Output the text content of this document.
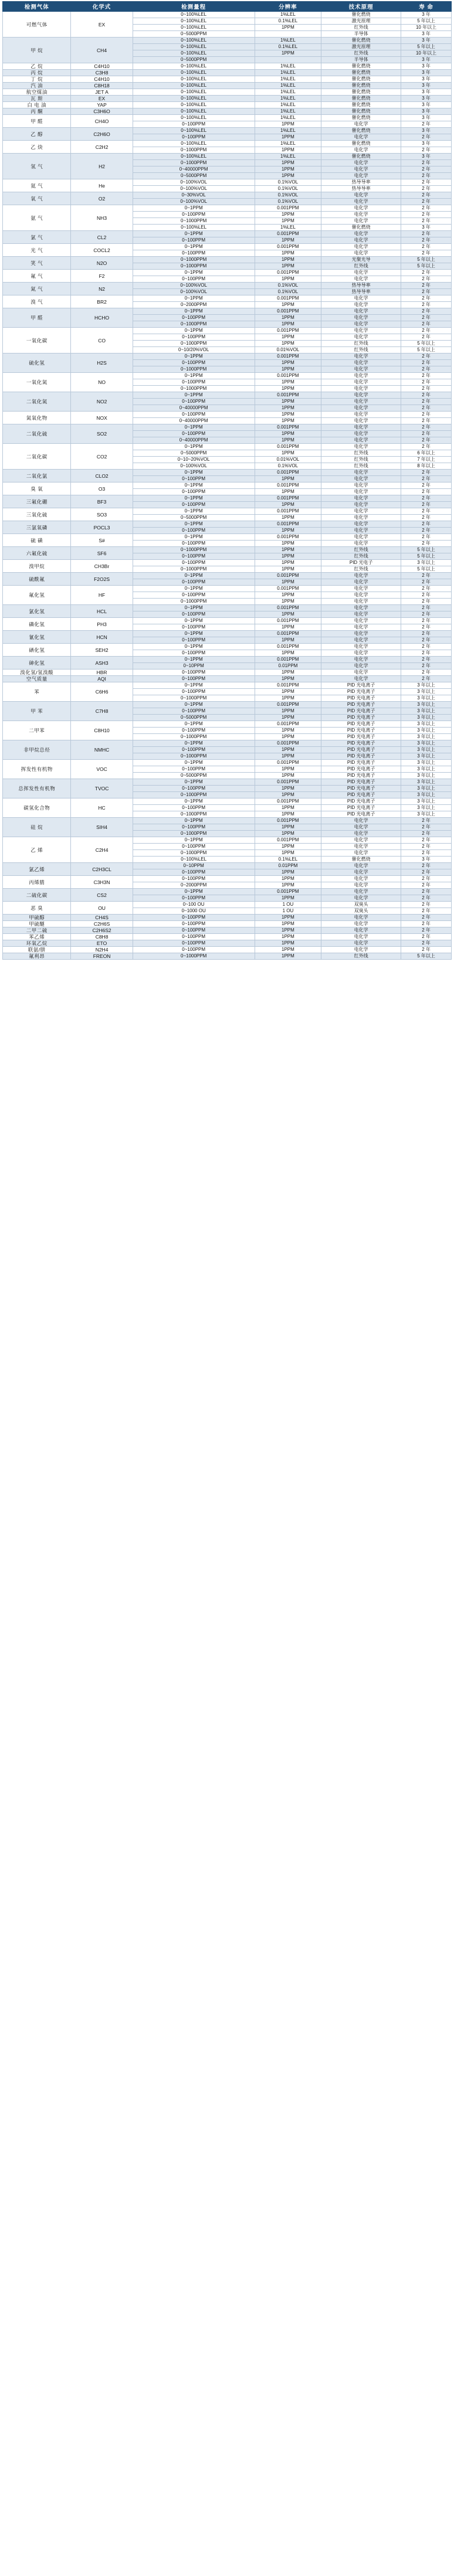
检测气体	化学式	检测量程	分辨率	技术原理	寿 命
可燃气体	EX	0~100%LEL	1%LEL	催化燃烧	3 年
		0~100%LEL	0.1%LEL	激光原理	5 年以上
		0~100%LEL	1PPM	红外线	10 年以上
		0~5000PPM		半导体	3 年
甲 烷	CH4	0~100%LEL	1%LEL	催化燃烧	3 年
		0~100%LEL	0.1%LEL	激光原理	5 年以上
		0~100%LEL	1PPM	红外线	10 年以上
		0~5000PPM		半导体	3 年
乙 烷	C4H10	0~100%LEL	1%LEL	催化燃烧	3 年
丙 烷	C3H8	0~100%LEL	1%LEL	催化燃烧	3 年
丁 烷	C4H10	0~100%LEL	1%LEL	催化燃烧	3 年
汽 油	C8H18	0~100%LEL	1%LEL	催化燃烧	3 年
航空煤油	JET A	0~100%LEL	1%LEL	催化燃烧	3 年
瓦 斯	EX	0~100%LEL	1%LEL	催化燃烧	3 年
白 电 油	YAP	0~100%LEL	1%LEL	催化燃烧	3 年
丙 酮	C3H6O	0~100%LEL	1%LEL	催化燃烧	3 年
甲 醛	CH4O	0~100%LEL	1%LEL	催化燃烧	3 年
		0~100PPM	1PPM	电化学	2 年
乙 醇	C2H6O	0~100%LEL	1%LEL	催化燃烧	3 年
		0~100PPM	1PPM	电化学	2 年
乙 炔	C2H2	0~100%LEL	1%LEL	催化燃烧	3 年
		0~1000PPM	1PPM	电化学	2 年
氢 气	H2	0~100%LEL	1%LEL	催化燃烧	3 年
		0~1000PPM	1PPM	电化学	2 年
		0~40000PPM	1PPM	电化学	2 年
		0~5000PPM	1PPM	电化学	2 年
氦 气	He	0~100%VOL	0.1%VOL	热导导率	2 年
		0~100%VOL	0.1%VOL	热导导率	2 年
氧 气	O2	0~30%VOL	0.1%VOL	电化学	2 年
		0~100%VOL	0.1%VOL	电化学	2 年
氨 气	NH3	0~1PPM	0.001PPM	电化学	2 年
		0~100PPM	1PPM	电化学	2 年
		0~1000PPM	1PPM	电化学	2 年
		0~100%LEL	1%LEL	催化燃烧	3 年
氯 气	CL2	0~1PPM	0.001PPM	电化学	2 年
		0~100PPM	1PPM	电化学	2 年
光 气	COCL2	0~1PPM	0.001PPM	电化学	2 年
		0~100PPM	1PPM	电化学	2 年
笑 气	N2O	0~1000PPM	1PPM	光聚光导	5 年以上
		0~1000PPM	1PPM	红外线	5 年以上
氟 气	F2	0~1PPM	0.001PPM	电化学	2 年
		0~100PPM	1PPM	电化学	2 年
氮 气	N2	0~100%VOL	0.1%VOL	热导导率	2 年
		0~100%VOL	0.1%VOL	热导导率	2 年
溴 气	BR2	0~1PPM	0.001PPM	电化学	2 年
		0~2000PPM	1PPM	电化学	2 年
甲 醛	HCHO	0~1PPM	0.001PPM	电化学	2 年
		0~100PPM	1PPM	电化学	2 年
		0~1000PPM	1PPM	电化学	2 年
一氧化碳	CO	0~1PPM	0.001PPM	电化学	2 年
		0~100PPM	1PPM	电化学	2 年
		0~1000PPM	1PPM	红外线	5 年以上
		0~10/20%VOL	0.01%VOL	红外线	5 年以上
硫化氢	H2S	0~1PPM	0.001PPM	电化学	2 年
		0~100PPM	1PPM	电化学	2 年
		0~1000PPM	1PPM	电化学	2 年
一氧化氮	NO	0~1PPM	0.001PPM	电化学	2 年
		0~100PPM	1PPM	电化学	2 年
		0~1000PPM	1PPM	电化学	2 年
二氧化氮	NO2	0~1PPM	0.001PPM	电化学	2 年
		0~100PPM	1PPM	电化学	2 年
		0~40000PPM	1PPM	电化学	2 年
氮氧化物	NOX	0~100PPM	1PPM	电化学	2 年
		0~40000PPM	1PPM	电化学	2 年
二氧化硫	SO2	0~1PPM	0.001PPM	电化学	2 年
		0~100PPM	1PPM	电化学	2 年
		0~40000PPM	1PPM	电化学	2 年
二氧化碳	CO2	0~1PPM	0.001PPM	电化学	2 年
		0~5000PPM	1PPM	红外线	6 年以上
		0~10~20%VOL	0.01%VOL	红外线	7 年以上
		0~100%VOL	0.1%VOL	红外线	8 年以上
二氧化氯	CLO2	0~1PPM	0.001PPM	电化学	2 年
		0~100PPM	1PPM	电化学	2 年
臭 氧	O3	0~1PPM	0.001PPM	电化学	2 年
		0~100PPM	1PPM	电化学	2 年
三氟化硼	BF3	0~1PPM	0.001PPM	电化学	2 年
		0~100PPM	1PPM	电化学	2 年
三氧化硫	SO3	0~1PPM	0.001PPM	电化学	2 年
		0~5000PPM	1PPM	电化学	2 年
三氯氧磷	POCL3	0~1PPM	0.001PPM	电化学	2 年
		0~100PPM	1PPM	电化学	2 年
硫 磺	S#	0~1PPM	0.001PPM	电化学	2 年
		0~100PPM	1PPM	电化学	2 年
六氟化硫	SF6	0~1000PPM	1PPM	红外线	5 年以上
		0~100PPM	1PPM	红外线	5 年以上
溴甲烷	CH3Br	0~100PPM	1PPM	PID 光电子	3 年以上
		0~1000PPM	1PPM	红外线	5 年以上
硫酰氟	F2O2S	0~1PPM	0.001PPM	电化学	2 年
		0~100PPM	1PPM	电化学	2 年
氟化氢	HF	0~1PPM	0.001PPM	电化学	2 年
		0~100PPM	1PPM	电化学	2 年
		0~1000PPM	1PPM	电化学	2 年
氯化氢	HCL	0~1PPM	0.001PPM	电化学	2 年
		0~100PPM	1PPM	电化学	2 年
磷化氢	PH3	0~1PPM	0.001PPM	电化学	2 年
		0~100PPM	1PPM	电化学	2 年
氰化氢	HCN	0~1PPM	0.001PPM	电化学	2 年
		0~100PPM	1PPM	电化学	2 年
硒化氢	SEH2	0~1PPM	0.001PPM	电化学	2 年
		0~100PPM	1PPM	电化学	2 年
砷化氢	ASH3	0~1PPM	0.001PPM	电化学	2 年
		0~10PPM	0.01PPM	电化学	2 年
溴化氢/氢溴酸	HBR	0~100PPM	1PPM	电化学	2 年
空气质量	AQI	0~100PPM	1PPM	电化学	2 年
苯	C6H6	0~1PPM	0.001PPM	PID 光电离子	3 年以上
		0~100PPM	1PPM	PID 光电离子	3 年以上
		0~1000PPM	1PPM	PID 光电离子	3 年以上
甲 苯	C7H8	0~1PPM	0.001PPM	PID 光电离子	3 年以上
		0~100PPM	1PPM	PID 光电离子	3 年以上
		0~5000PPM	1PPM	PID 光电离子	3 年以上
二甲苯	C8H10	0~1PPM	0.001PPM	PID 光电离子	3 年以上
		0~100PPM	1PPM	PID 光电离子	3 年以上
		0~1000PPM	1PPM	PID 光电离子	3 年以上
非甲烷总烃	NMHC	0~1PPM	0.001PPM	PID 光电离子	3 年以上
		0~100PPM	1PPM	PID 光电离子	3 年以上
		0~1000PPM	1PPM	PID 光电离子	3 年以上
挥发性有机物	VOC	0~1PPM	0.001PPM	PID 光电离子	3 年以上
		0~100PPM	1PPM	PID 光电离子	3 年以上
		0~5000PPM	1PPM	PID 光电离子	3 年以上
总挥发性有机物	TVOC	0~1PPM	0.001PPM	PID 光电离子	3 年以上
		0~100PPM	1PPM	PID 光电离子	3 年以上
		0~1000PPM	1PPM	PID 光电离子	3 年以上
碳氢化合物	HC	0~1PPM	0.001PPM	PID 光电离子	3 年以上
		0~100PPM	1PPM	PID 光电离子	3 年以上
		0~1000PPM	1PPM	PID 光电离子	3 年以上
硅 烷	SIH4	0~1PPM	0.001PPM	电化学	2 年
		0~100PPM	1PPM	电化学	2 年
		0~1000PPM	1PPM	电化学	2 年
乙 烯	C2H4	0~1PPM	0.001PPM	电化学	2 年
		0~100PPM	1PPM	电化学	2 年
		0~1000PPM	1PPM	电化学	2 年
		0~100%LEL	0.1%LEL	催化燃烧	3 年
氯乙烯	C2H3CL	0~10PPM	0.01PPM	电化学	2 年
		0~100PPM	1PPM	电化学	2 年
丙烯腈	C3H3N	0~100PPM	1PPM	电化学	2 年
		0~2000PPM	1PPM	电化学	2 年
二硫化碳	CS2	0~1PPM	0.001PPM	电化学	2 年
		0~100PPM	1PPM	电化学	2 年
恶 臭	OU	0~100 OU	1 OU	双臭头	2 年
		0~1000 OU	1 OU	双臭头	2 年
甲硫醇	CH4S	0~100PPM	1PPM	电化学	2 年
甲硫醚	C2H6S	0~100PPM	1PPM	电化学	2 年
二甲二硫	C2H6S2	0~100PPM	1PPM	电化学	2 年
苯乙烯	C8H8	0~100PPM	1PPM	电化学	2 年
环氧乙烷	ETO	0~100PPM	1PPM	电化学	2 年
联氨/肼	N2H4	0~100PPM	1PPM	电化学	2 年
氟利昂	FREON	0~1000PPM	1PPM	红外线	5 年以上
